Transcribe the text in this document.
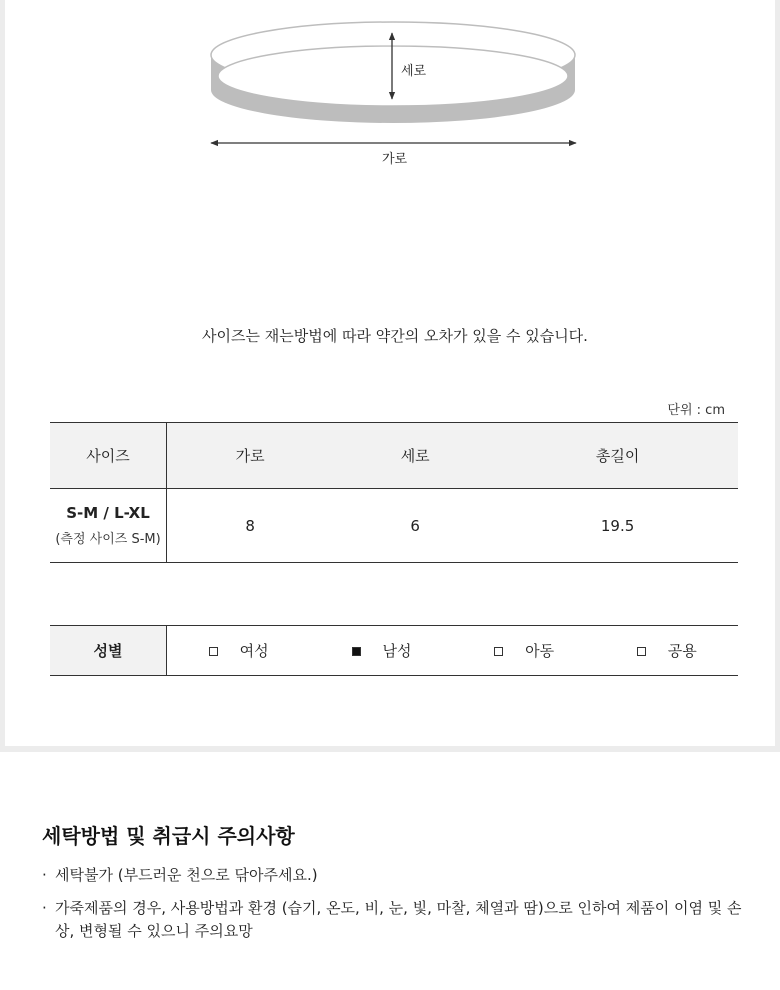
세로
가로
사이즈는 재는방법에 따라 약간의 오차가 있을 수 있습니다.
단위 : cm
사이즈	가로	세로	총길이

S-M / L-XL
(측정 사이즈 S-M)	8	6	19.5
성별	여성	남성	아동	공용
세탁방법 및 취급시 주의사항
· 세탁불가 (부드러운 천으로 닦아주세요.)
· 가죽제품의 경우, 사용방법과 환경 (습기, 온도, 비, 눈, 빛, 마찰, 체열과 땀)으로 인하여 제품이 이염 및 손상, 변형될 수 있으니 주의요망
